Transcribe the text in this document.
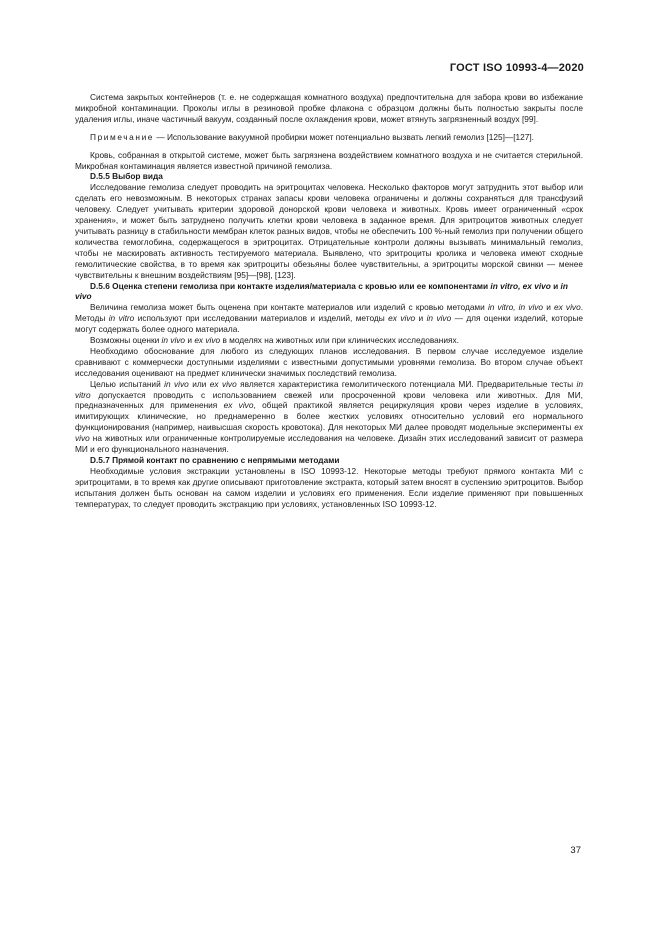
ГОСТ ISO 10993-4—2020

Система закрытых контейнеров (т. е. не содержащая комнатного воздуха) предпочтительна для забора крови во избежание микробной контаминации. Проколы иглы в резиновой пробке флакона с образцом должны быть полностью закрыты после удаления иглы, иначе частичный вакуум, созданный после охлаждения крови, может втянуть загрязненный воздух [99].

Примечание — Использование вакуумной пробирки может потенциально вызвать легкий гемолиз [125]—[127].

Кровь, собранная в открытой системе, может быть загрязнена воздействием комнатного воздуха и не считается стерильной. Микробная контаминация является известной причиной гемолиза.

D.5.5 Выбор вида

Исследование гемолиза следует проводить на эритроцитах человека. Несколько факторов могут затруднить этот выбор или сделать его невозможным. В некоторых странах запасы крови человека ограничены и должны сохраняться для трансфузий человеку. Следует учитывать критерии здоровой донорской крови человека и животных. Кровь имеет ограниченный «срок хранения», и может быть затруднено получить клетки крови человека в заданное время. Для эритроцитов животных следует учитывать разницу в стабильности мембран клеток разных видов, чтобы не обеспечить 100 %-ный гемолиз при получении общего количества гемоглобина, содержащегося в эритроцитах. Отрицательные контроли должны вызывать минимальный гемолиз, чтобы не маскировать активность тестируемого материала. Выявлено, что эритроциты кролика и человека имеют сходные гемолитические свойства, в то время как эритроциты обезьяны более чувствительны, а эритроциты морской свинки — менее чувствительны к внешним воздействиям [95]—[98], [123].

D.5.6 Оценка степени гемолиза при контакте изделия/материала с кровью или ее компонентами in vitro, ex vivo и in vivo

Величина гемолиза может быть оценена при контакте материалов или изделий с кровью методами in vitro, in vivo и ex vivo. Методы in vitro используют при исследовании материалов и изделий, методы ex vivo и in vivo — для оценки изделий, которые могут содержать более одного материала.

Возможны оценки in vivo и ex vivo в моделях на животных или при клинических исследованиях.

Необходимо обоснование для любого из следующих планов исследования. В первом случае исследуемое изделие сравнивают с коммерчески доступными изделиями с известными допустимыми уровнями гемолиза. Во втором случае объект исследования оценивают на предмет клинически значимых последствий гемолиза.

Целью испытаний in vivo или ex vivo является характеристика гемолитического потенциала МИ. Предварительные тесты in vitro допускается проводить с использованием свежей или просроченной крови человека или животных. Для МИ, предназначенных для применения ex vivo, общей практикой является рециркуляция крови через изделие в условиях, имитирующих клинические, но преднамеренно в более жестких условиях относительно условий его нормального функционирования (например, наивысшая скорость кровотока). Для некоторых МИ далее проводят модельные эксперименты ex vivo на животных или ограниченные контролируемые исследования на человеке. Дизайн этих исследований зависит от размера МИ и его функционального назначения.

D.5.7 Прямой контакт по сравнению с непрямыми методами

Необходимые условия экстракции установлены в ISO 10993-12. Некоторые методы требуют прямого контакта МИ с эритроцитами, в то время как другие описывают приготовление экстракта, который затем вносят в суспензию эритроцитов. Выбор испытания должен быть основан на самом изделии и условиях его применения. Если изделие применяют при повышенных температурах, то следует проводить экстракцию при условиях, установленных ISO 10993-12.

37
